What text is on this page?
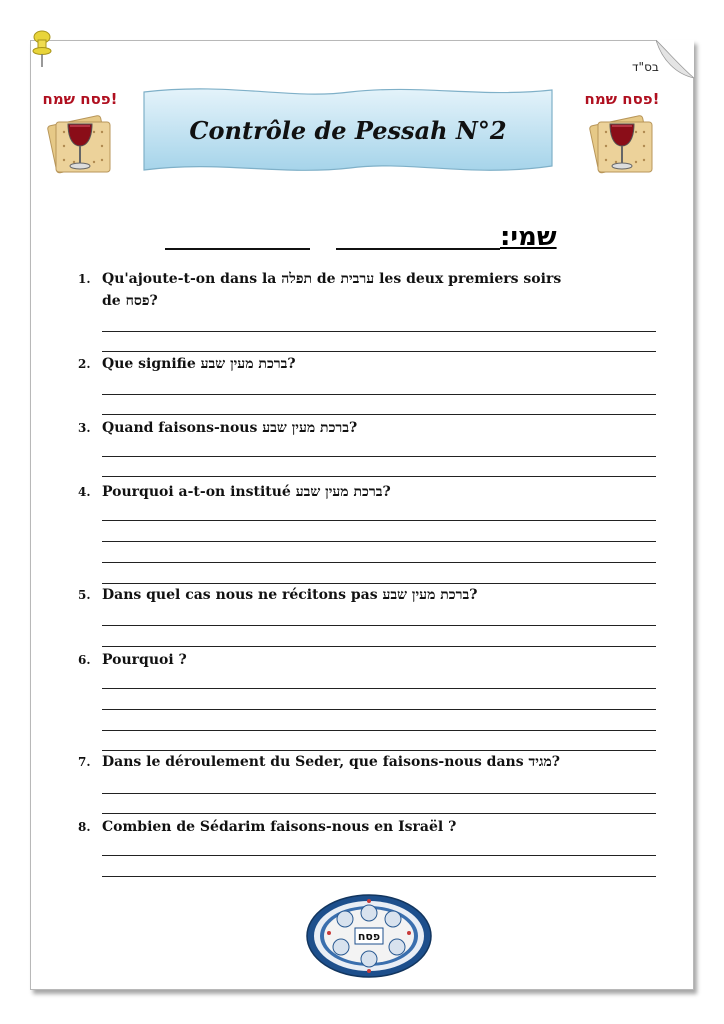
בס"ד
פסח שמח!	פסח שמח!
Contrôle de Pessah N°2
שמי:
1. Qu'ajoute-t-on dans la תפלה de ערבית les deux premiers soirs
de פסח?
2. Que signifie ברכת מעין שבע?
3. Quand faisons-nous ברכת מעין שבע?
4. Pourquoi a-t-on institué ברכת מעין שבע?
5. Dans quel cas nous ne récitons pas ברכת מעין שבע?
6. Pourquoi ?
7. Dans le déroulement du Seder, que faisons-nous dans מגיד?
8. Combien de Sédarim faisons-nous en Israël ?
פסח
